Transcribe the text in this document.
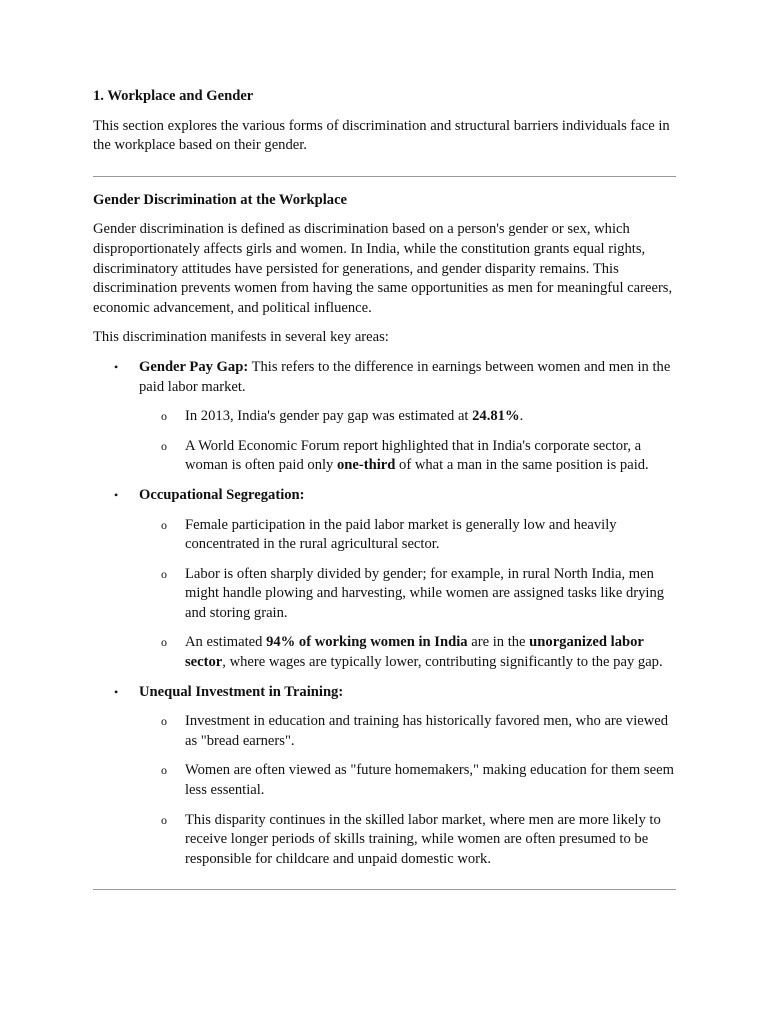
1. Workplace and Gender

This section explores the various forms of discrimination and structural barriers individuals face in the workplace based on their gender.

Gender Discrimination at the Workplace

Gender discrimination is defined as discrimination based on a person's gender or sex, which disproportionately affects girls and women. In India, while the constitution grants equal rights, discriminatory attitudes have persisted for generations, and gender disparity remains. This discrimination prevents women from having the same opportunities as men for meaningful careers, economic advancement, and political influence.

This discrimination manifests in several key areas:

• Gender Pay Gap: This refers to the difference in earnings between women and men in the paid labor market.
o In 2013, India's gender pay gap was estimated at 24.81%.
o A World Economic Forum report highlighted that in India's corporate sector, a woman is often paid only one-third of what a man in the same position is paid.
• Occupational Segregation:
o Female participation in the paid labor market is generally low and heavily concentrated in the rural agricultural sector.
o Labor is often sharply divided by gender; for example, in rural North India, men might handle plowing and harvesting, while women are assigned tasks like drying and storing grain.
o An estimated 94% of working women in India are in the unorganized labor sector, where wages are typically lower, contributing significantly to the pay gap.
• Unequal Investment in Training:
o Investment in education and training has historically favored men, who are viewed as "bread earners".
o Women are often viewed as "future homemakers," making education for them seem less essential.
o This disparity continues in the skilled labor market, where men are more likely to receive longer periods of skills training, while women are often presumed to be responsible for childcare and unpaid domestic work.
